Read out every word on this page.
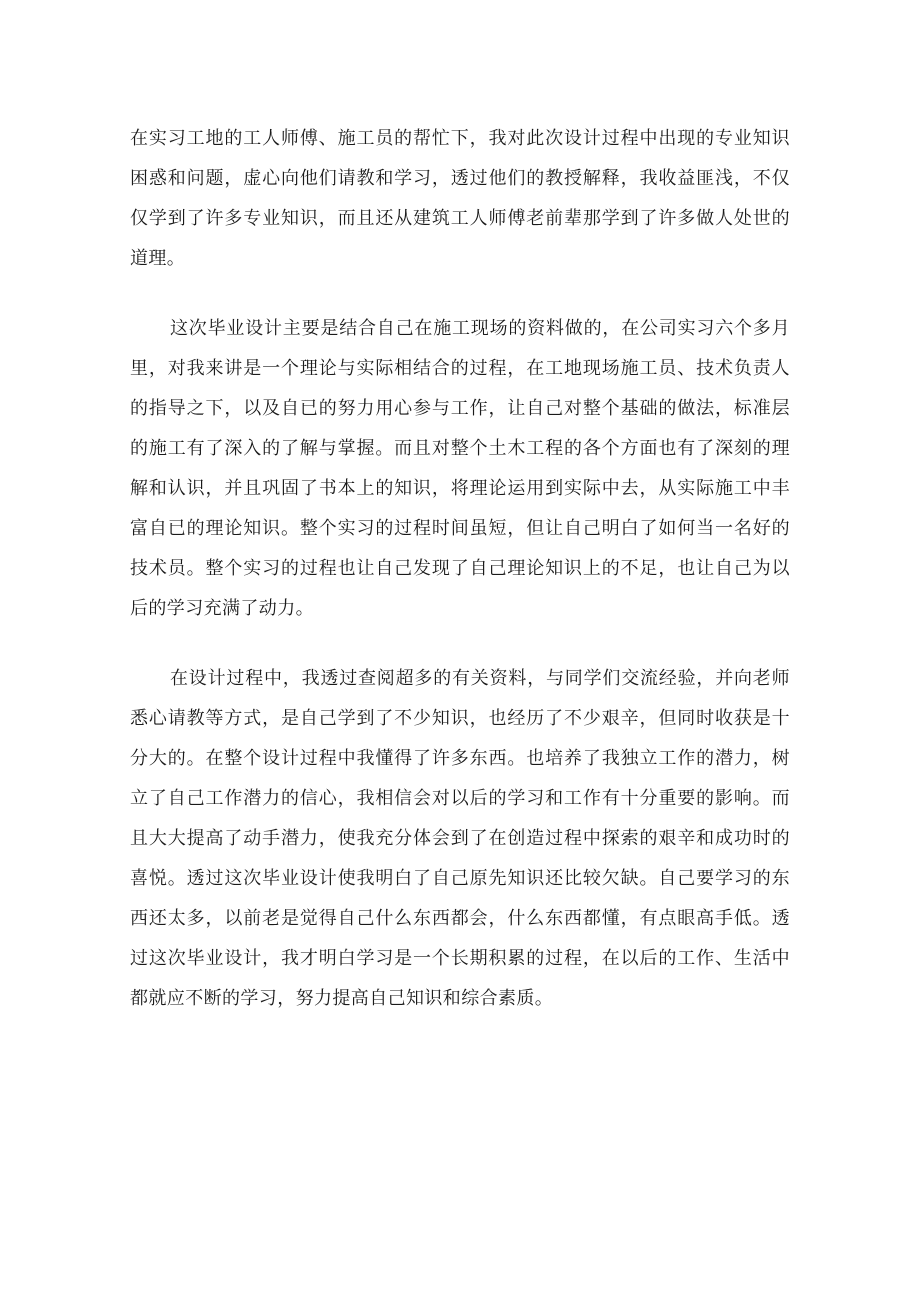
在实习工地的工人师傅、施工员的帮忙下，我对此次设计过程中出现的专业知识困惑和问题，虚心向他们请教和学习，透过他们的教授解释，我收益匪浅，不仅仅学到了许多专业知识，而且还从建筑工人师傅老前辈那学到了许多做人处世的道理。

这次毕业设计主要是结合自己在施工现场的资料做的，在公司实习六个多月里，对我来讲是一个理论与实际相结合的过程，在工地现场施工员、技术负责人的指导之下，以及自已的努力用心参与工作，让自己对整个基础的做法，标准层的施工有了深入的了解与掌握。而且对整个土木工程的各个方面也有了深刻的理解和认识，并且巩固了书本上的知识，将理论运用到实际中去，从实际施工中丰富自已的理论知识。整个实习的过程时间虽短，但让自己明白了如何当一名好的技术员。整个实习的过程也让自己发现了自己理论知识上的不足，也让自己为以后的学习充满了动力。

在设计过程中，我透过查阅超多的有关资料，与同学们交流经验，并向老师悉心请教等方式，是自己学到了不少知识，也经历了不少艰辛，但同时收获是十分大的。在整个设计过程中我懂得了许多东西。也培养了我独立工作的潜力，树立了自己工作潜力的信心，我相信会对以后的学习和工作有十分重要的影响。而且大大提高了动手潜力，使我充分体会到了在创造过程中探索的艰辛和成功时的喜悦。透过这次毕业设计使我明白了自己原先知识还比较欠缺。自己要学习的东西还太多，以前老是觉得自己什么东西都会，什么东西都懂，有点眼高手低。透过这次毕业设计，我才明白学习是一个长期积累的过程，在以后的工作、生活中都就应不断的学习，努力提高自己知识和综合素质。
